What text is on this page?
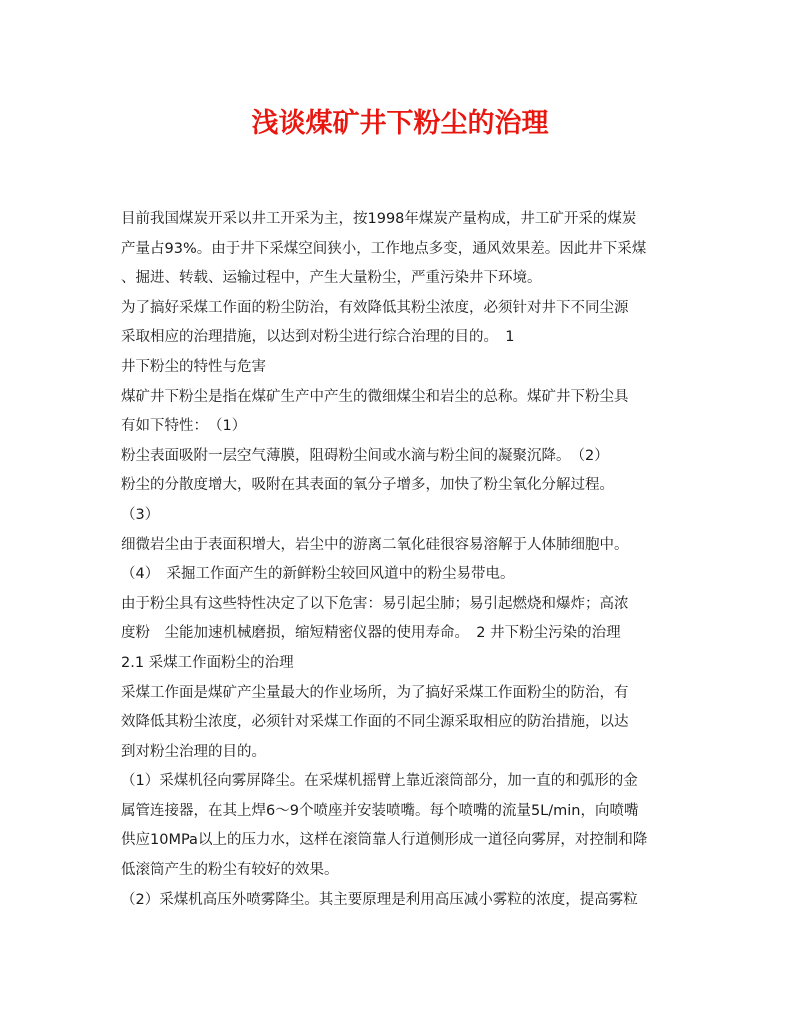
浅谈煤矿井下粉尘的治理
目前我国煤炭开采以井工开采为主，按1998年煤炭产量构成，井工矿开采的煤炭
产量占93%。由于井下采煤空间狭小，工作地点多变，通风效果差。因此井下采煤
、掘进、转载、运输过程中，产生大量粉尘，严重污染井下环境。
为了搞好采煤工作面的粉尘防治，有效降低其粉尘浓度，必须针对井下不同尘源
采取相应的治理措施，以达到对粉尘进行综合治理的目的。　1
井下粉尘的特性与危害
煤矿井下粉尘是指在煤矿生产中产生的微细煤尘和岩尘的总称。煤矿井下粉尘具
有如下特性：　（1）
粉尘表面吸附一层空气薄膜，阻碍粉尘间或水滴与粉尘间的凝聚沉降。　（2）
粉尘的分散度增大，吸附在其表面的氧分子增多，加快了粉尘氧化分解过程。
（3）
细微岩尘由于表面积增大，岩尘中的游离二氧化硅很容易溶解于人体肺细胞中。
（4）　采掘工作面产生的新鲜粉尘较回风道中的粉尘易带电。
由于粉尘具有这些特性决定了以下危害：易引起尘肺；易引起燃烧和爆炸；高浓
度粉　尘能加速机械磨损，缩短精密仪器的使用寿命。　2 井下粉尘污染的治理
2.1 采煤工作面粉尘的治理
采煤工作面是煤矿产尘量最大的作业场所，为了搞好采煤工作面粉尘的防治，有
效降低其粉尘浓度，必须针对采煤工作面的不同尘源采取相应的防治措施，以达
到对粉尘治理的目的。
（1）采煤机径向雾屏降尘。在采煤机摇臂上靠近滚筒部分，加一直的和弧形的金
属管连接器，在其上焊6～9个喷座并安装喷嘴。每个喷嘴的流量5L/min，向喷嘴
供应10MPa以上的压力水，这样在滚筒靠人行道侧形成一道径向雾屏，对控制和降
低滚筒产生的粉尘有较好的效果。
（2）采煤机高压外喷雾降尘。其主要原理是利用高压减小雾粒的浓度，提高雾粒
